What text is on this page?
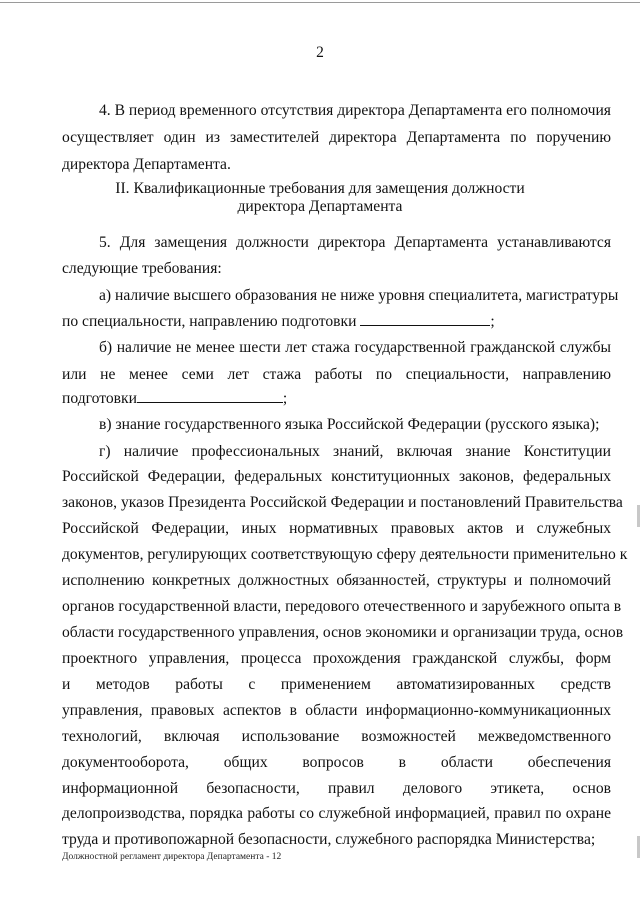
2
4. В период временного отсутствия директора Департамента его полномочия
осуществляет один из заместителей директора Департамента по поручению
директора Департамента.
II. Квалификационные требования для замещения должности
директора Департамента
5. Для замещения должности директора Департамента устанавливаются
следующие требования:
а) наличие высшего образования не ниже уровня специалитета, магистратуры
по специальности, направлению подготовки	;
б) наличие не менее шести лет стажа государственной гражданской службы
или не менее семи лет стажа работы по специальности, направлению
подготовки	;
в) знание государственного языка Российской Федерации (русского языка);
г) наличие профессиональных знаний, включая знание Конституции
Российской Федерации, федеральных конституционных законов, федеральных
законов, указов Президента Российской Федерации и постановлений Правительства
Российской Федерации, иных нормативных правовых актов и служебных
документов, регулирующих соответствующую сферу деятельности применительно к
исполнению конкретных должностных обязанностей, структуры и полномочий
органов государственной власти, передового отечественного и зарубежного опыта в
области государственного управления, основ экономики и организации труда, основ
проектного управления, процесса прохождения гражданской службы, форм
и методов работы с применением автоматизированных средств
управления, правовых аспектов в области информационно-коммуникационных
технологий, включая использование возможностей межведомственного
документооборота, общих вопросов в области обеспечения
информационной безопасности, правил делового этикета, основ
делопроизводства, порядка работы со служебной информацией, правил по охране
труда и противопожарной безопасности, служебного распорядка Министерства;
Должностной регламент директора Департамента - 12
